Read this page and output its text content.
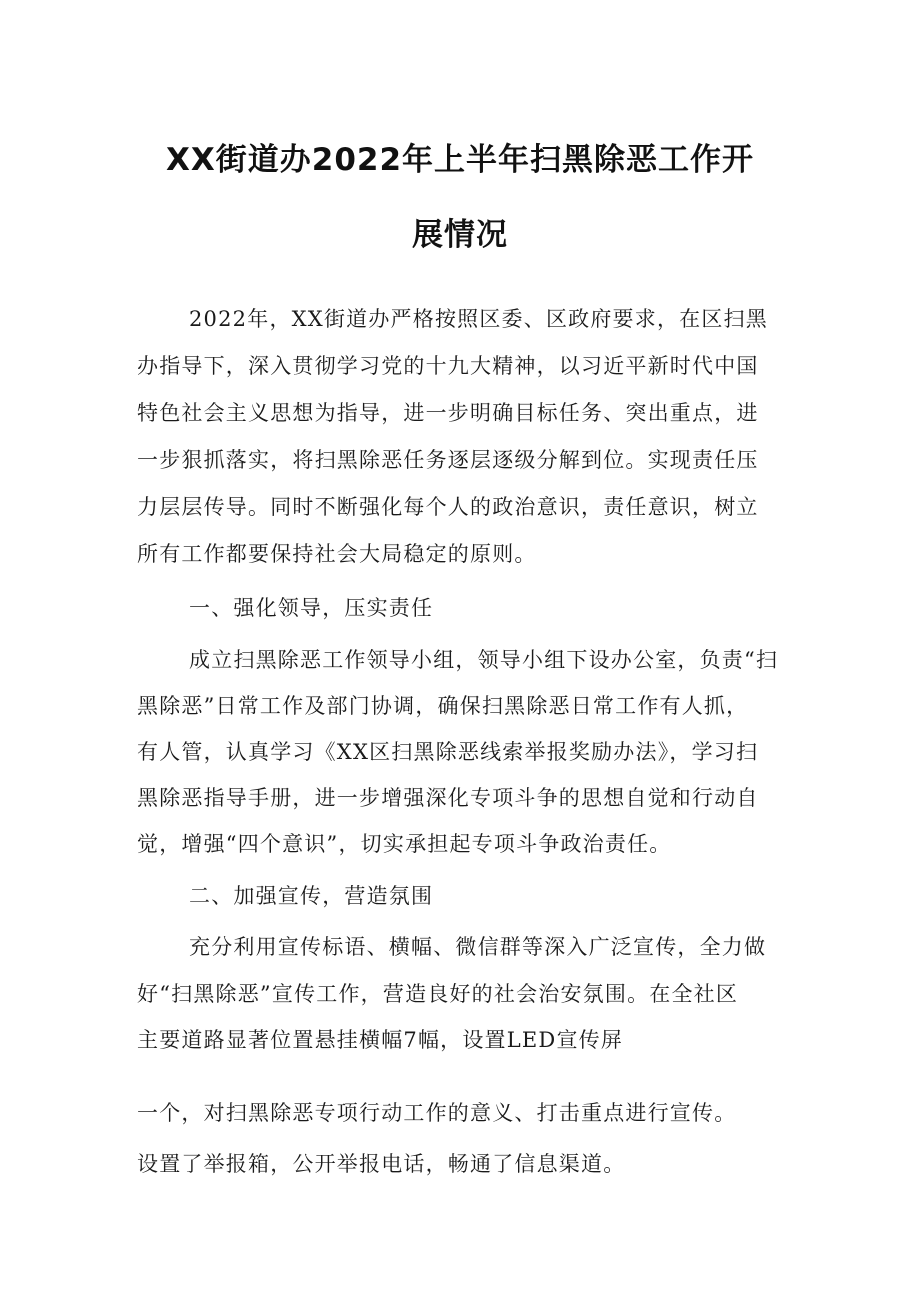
XX街道办2022年上半年扫黑除恶工作开
展情况
2022年，XX街道办严格按照区委、区政府要求，在区扫黑
办指导下，深入贯彻学习党的十九大精神，以习近平新时代中国
特色社会主义思想为指导，进一步明确目标任务、突出重点，进
一步狠抓落实，将扫黑除恶任务逐层逐级分解到位。实现责任压
力层层传导。同时不断强化每个人的政治意识，责任意识，树立
所有工作都要保持社会大局稳定的原则。
一、强化领导，压实责任
成立扫黑除恶工作领导小组，领导小组下设办公室，负责“扫
黑除恶”日常工作及部门协调，确保扫黑除恶日常工作有人抓，
有人管，认真学习《XX区扫黑除恶线索举报奖励办法》，学习扫
黑除恶指导手册，进一步增强深化专项斗争的思想自觉和行动自
觉，增强“四个意识”，切实承担起专项斗争政治责任。
二、加强宣传，营造氛围
充分利用宣传标语、横幅、微信群等深入广泛宣传，全力做
好“扫黑除恶”宣传工作，营造良好的社会治安氛围。在全社区
主要道路显著位置悬挂横幅7幅，设置LED宣传屏
一个，对扫黑除恶专项行动工作的意义、打击重点进行宣传。
设置了举报箱，公开举报电话，畅通了信息渠道。
